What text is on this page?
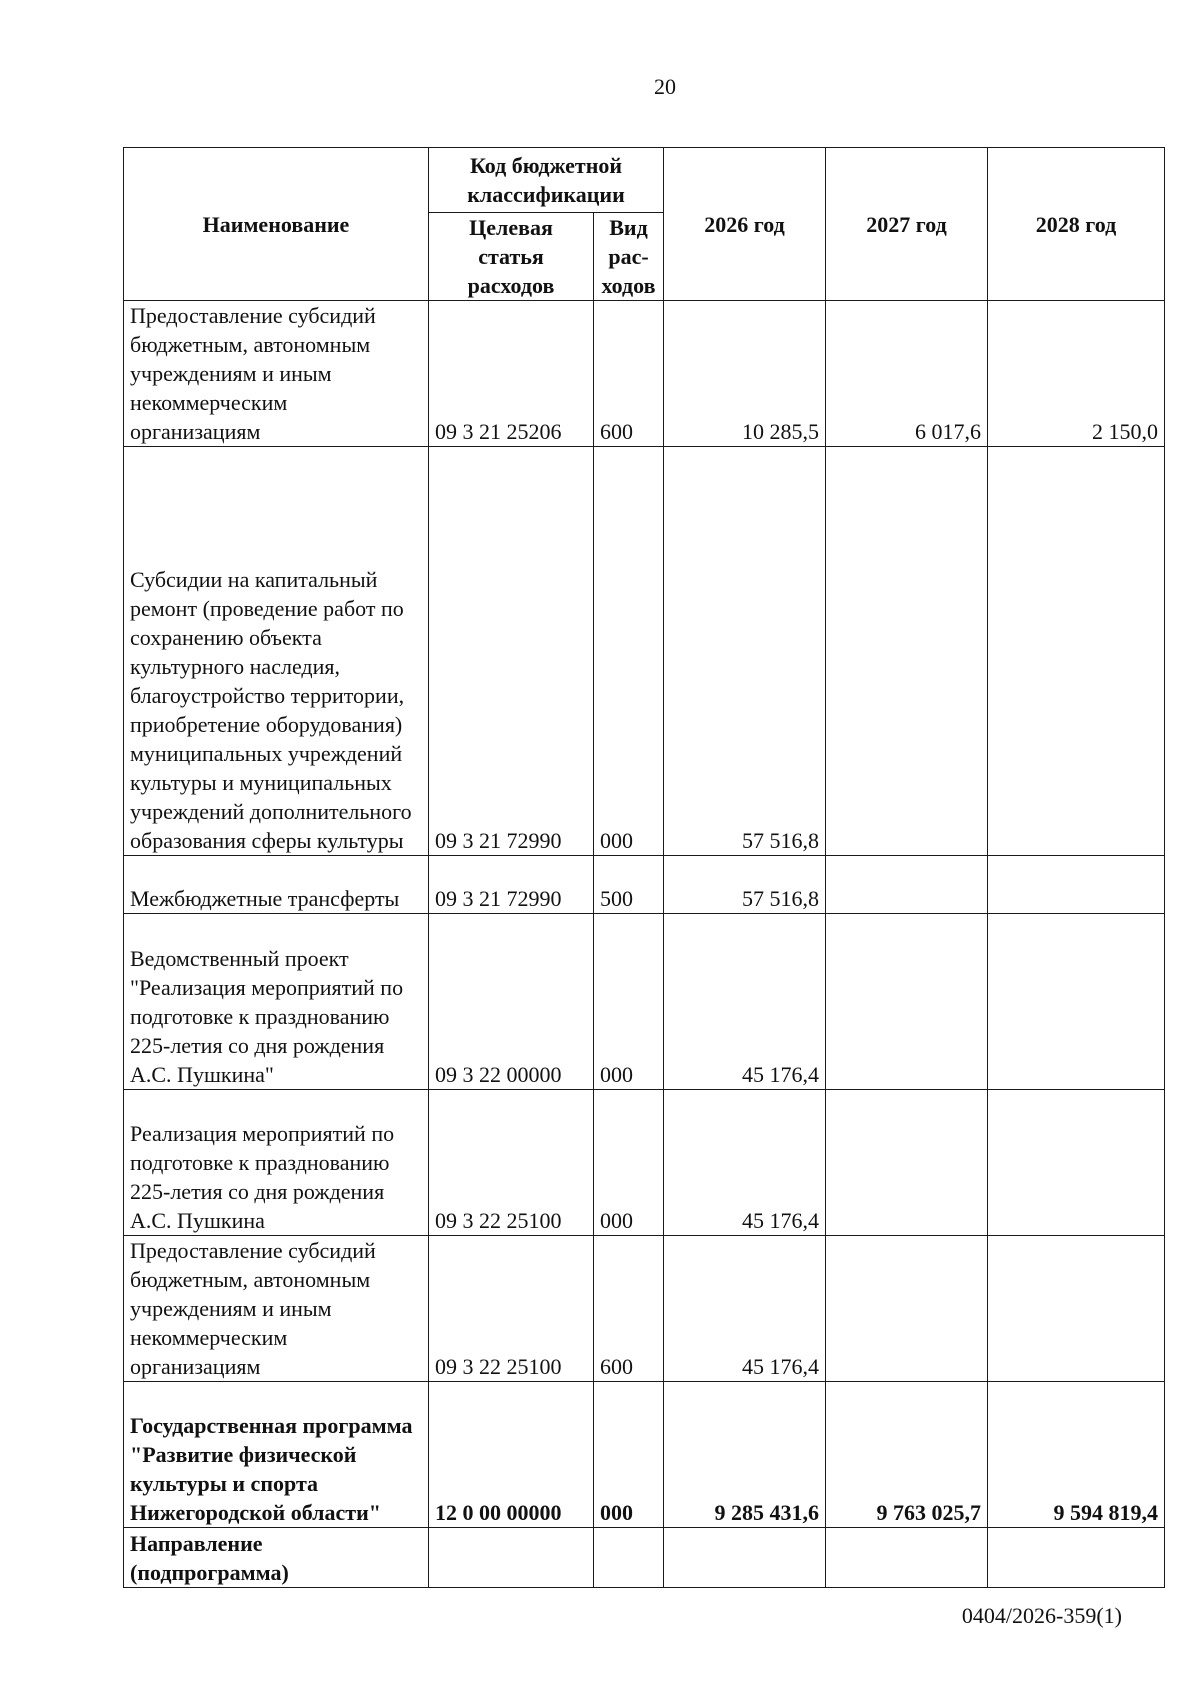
20
Наименование	Код бюджетной классификации		2026 год	2027 год	2028 год
	Целевая статья расходов	Вид рас-ходов			
Предоставление субсидий бюджетным, автономным учреждениям и иным некоммерческим организациям	09 3 21 25206	600	10 285,5	6 017,6	2 150,0
Субсидии на капитальный ремонт (проведение работ по сохранению объекта культурного наследия, благоустройство территории, приобретение оборудования) муниципальных учреждений культуры и муниципальных учреждений дополнительного образования сферы культуры	09 3 21 72990	000	57 516,8		
Межбюджетные трансферты	09 3 21 72990	500	57 516,8		
Ведомственный проект "Реализация мероприятий по подготовке к празднованию 225-летия со дня рождения А.С. Пушкина"	09 3 22 00000	000	45 176,4		
Реализация мероприятий по подготовке к празднованию 225-летия со дня рождения А.С. Пушкина	09 3 22 25100	000	45 176,4		
Предоставление субсидий бюджетным, автономным учреждениям и иным некоммерческим организациям	09 3 22 25100	600	45 176,4		
Государственная программа "Развитие физической культуры и спорта Нижегородской области"	12 0 00 00000	000	9 285 431,6	9 763 025,7	9 594 819,4
Направление (подпрограмма)					
0404/2026-359(1)
